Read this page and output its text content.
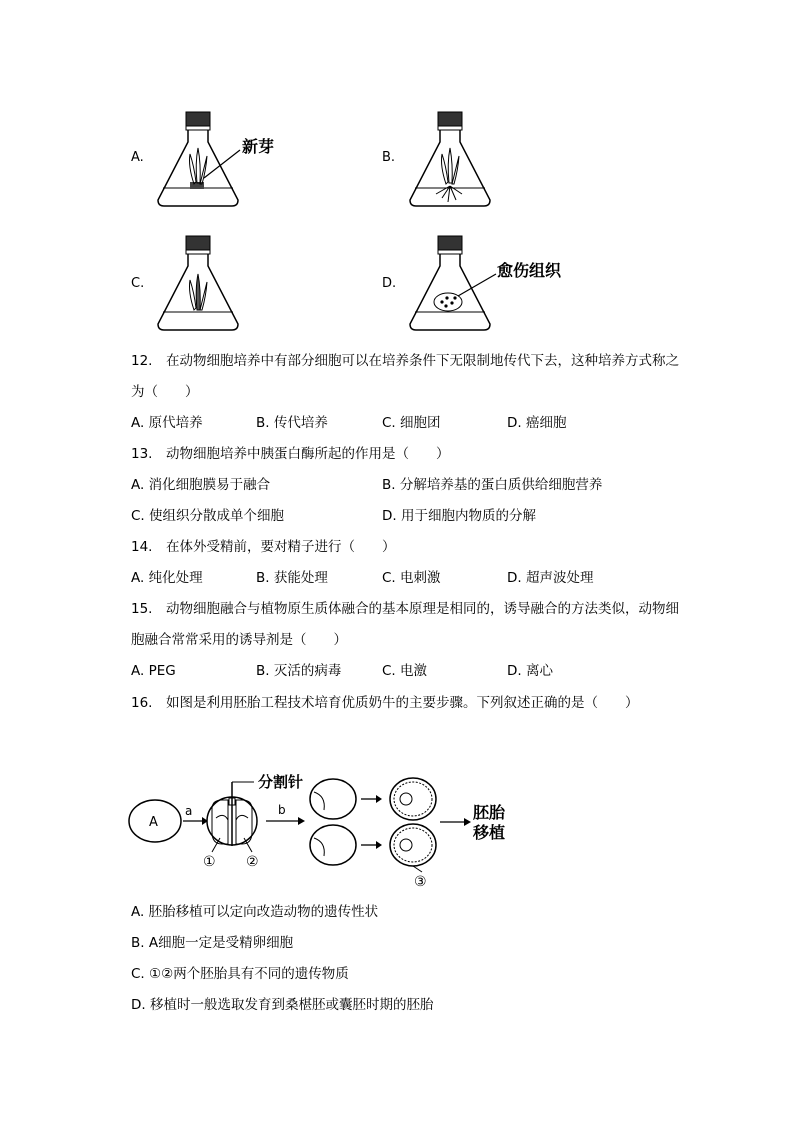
A.
新芽
B.
C.	D.
愈伤组织
12.　在动物细胞培养中有部分细胞可以在培养条件下无限制地传代下去，这种培养方式称之
为（　　）
A. 原代培养	B. 传代培养	C. 细胞团	D. 癌细胞
13.　动物细胞培养中胰蛋白酶所起的作用是（　　）
A. 消化细胞膜易于融合	B. 分解培养基的蛋白质供给细胞营养
C. 使组织分散成单个细胞	D. 用于细胞内物质的分解
14.　在体外受精前，要对精子进行（　　）
A. 纯化处理	B. 获能处理	C. 电刺激	D. 超声波处理
15.　动物细胞融合与植物原生质体融合的基本原理是相同的，诱导融合的方法类似，动物细
胞融合常常采用的诱导剂是（　　）
A. PEG	B. 灭活的病毒	C. 电激	D. 离心
16.　如图是利用胚胎工程技术培育优质奶牛的主要步骤。下列叙述正确的是（　　）
A
a
分割针
① ②
b
③
胚胎
移植
A. 胚胎移植可以定向改造动物的遗传性状
B. A细胞一定是受精卵细胞
C. ①②两个胚胎具有不同的遗传物质
D. 移植时一般选取发育到桑椹胚或囊胚时期的胚胎
